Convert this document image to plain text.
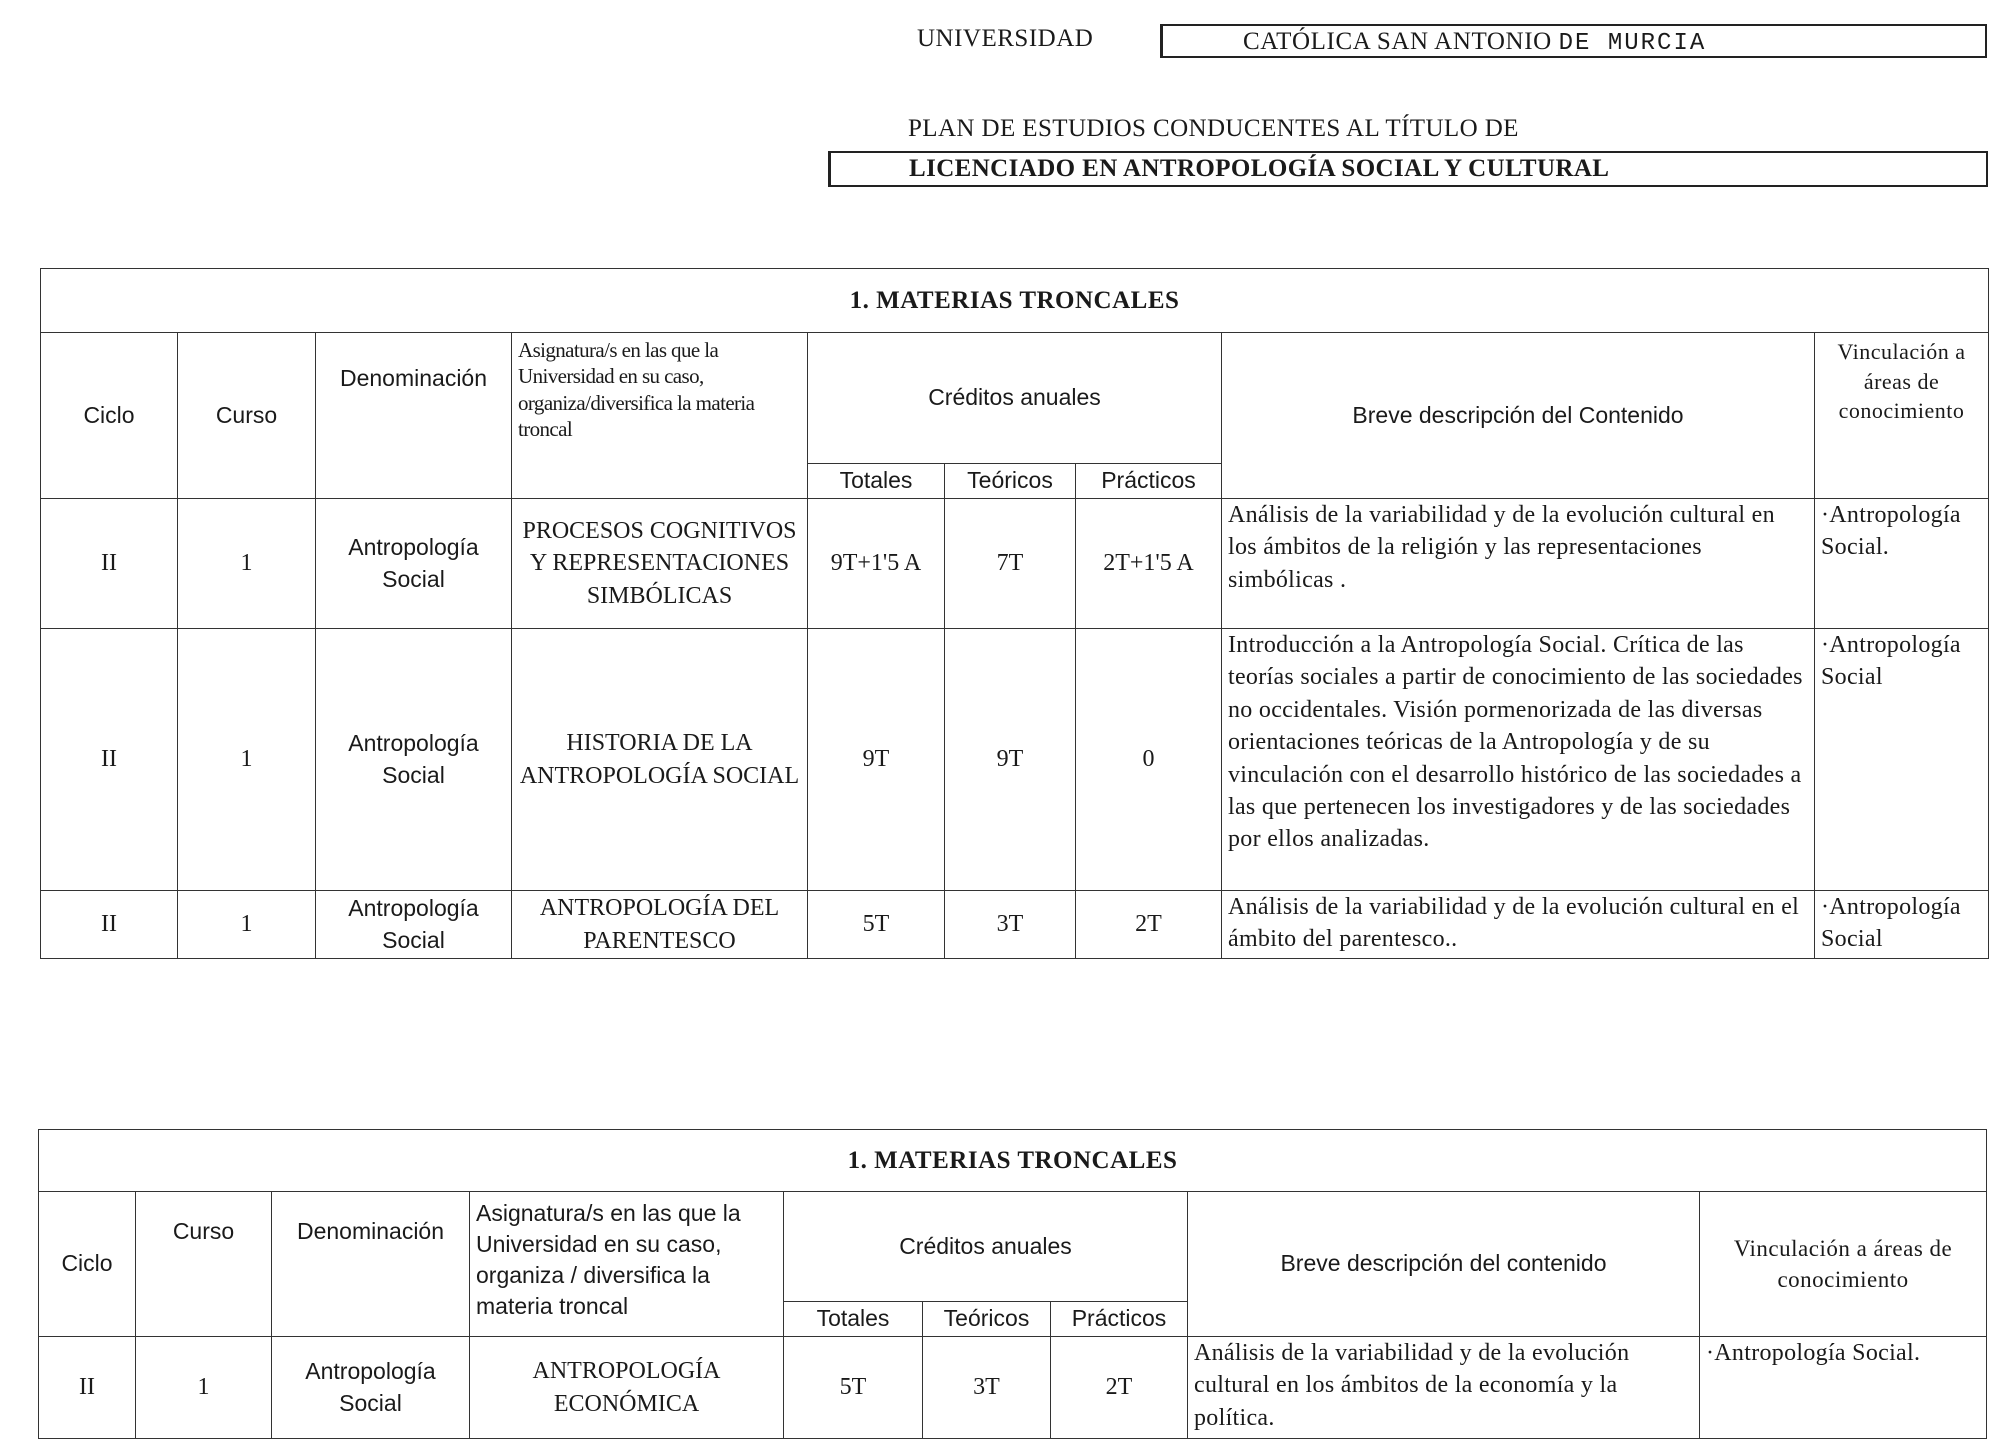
UNIVERSIDAD	CATÓLICA SAN ANTONIO DE MURCIA
PLAN DE ESTUDIOS CONDUCENTES AL TÍTULO DE
LICENCIADO EN ANTROPOLOGÍA SOCIAL Y CULTURAL
1. MATERIAS TRONCALES								
Ciclo	Curso	Denominación	Asignatura/s en las que la Universidad en su caso, organiza/diversifica la materia troncal	Créditos anuales			Breve descripción del Contenido	Vinculación a áreas de conocimiento
				Totales	Teóricos	Prácticos		
II	1	Antropología Social	PROCESOS COGNITIVOS Y REPRESENTACIONES SIMBÓLICAS	9T+1'5 A	7T	2T+1'5 A	Análisis de la variabilidad y de la evolución cultural en los ámbitos de la religión y las representaciones simbólicas .	·Antropología Social.
II	1	Antropología Social	HISTORIA DE LA ANTROPOLOGÍA SOCIAL	9T	9T	0	Introducción a la Antropología Social. Crítica de las teorías sociales a partir de conocimiento de las sociedades no occidentales. Visión pormenorizada de las diversas orientaciones teóricas de la Antropología y de su vinculación con el desarrollo histórico de las sociedades a las que pertenecen los investigadores y de las sociedades por ellos analizadas.	·Antropología Social
II	1	Antropología Social	ANTROPOLOGÍA DEL PARENTESCO	5T	3T	2T	Análisis de la variabilidad y de la evolución cultural en el ámbito del parentesco..	·Antropología Social
1. MATERIAS TRONCALES								
Ciclo	Curso	Denominación	Asignatura/s en las que la Universidad en su caso, organiza / diversifica la materia troncal	Créditos anuales			Breve descripción del contenido	Vinculación a áreas de conocimiento
				Totales	Teóricos	Prácticos		
II	1	Antropología Social	ANTROPOLOGÍA ECONÓMICA	5T	3T	2T	Análisis de la variabilidad y de la evolución cultural en los ámbitos de la economía y la política.	·Antropología Social.
